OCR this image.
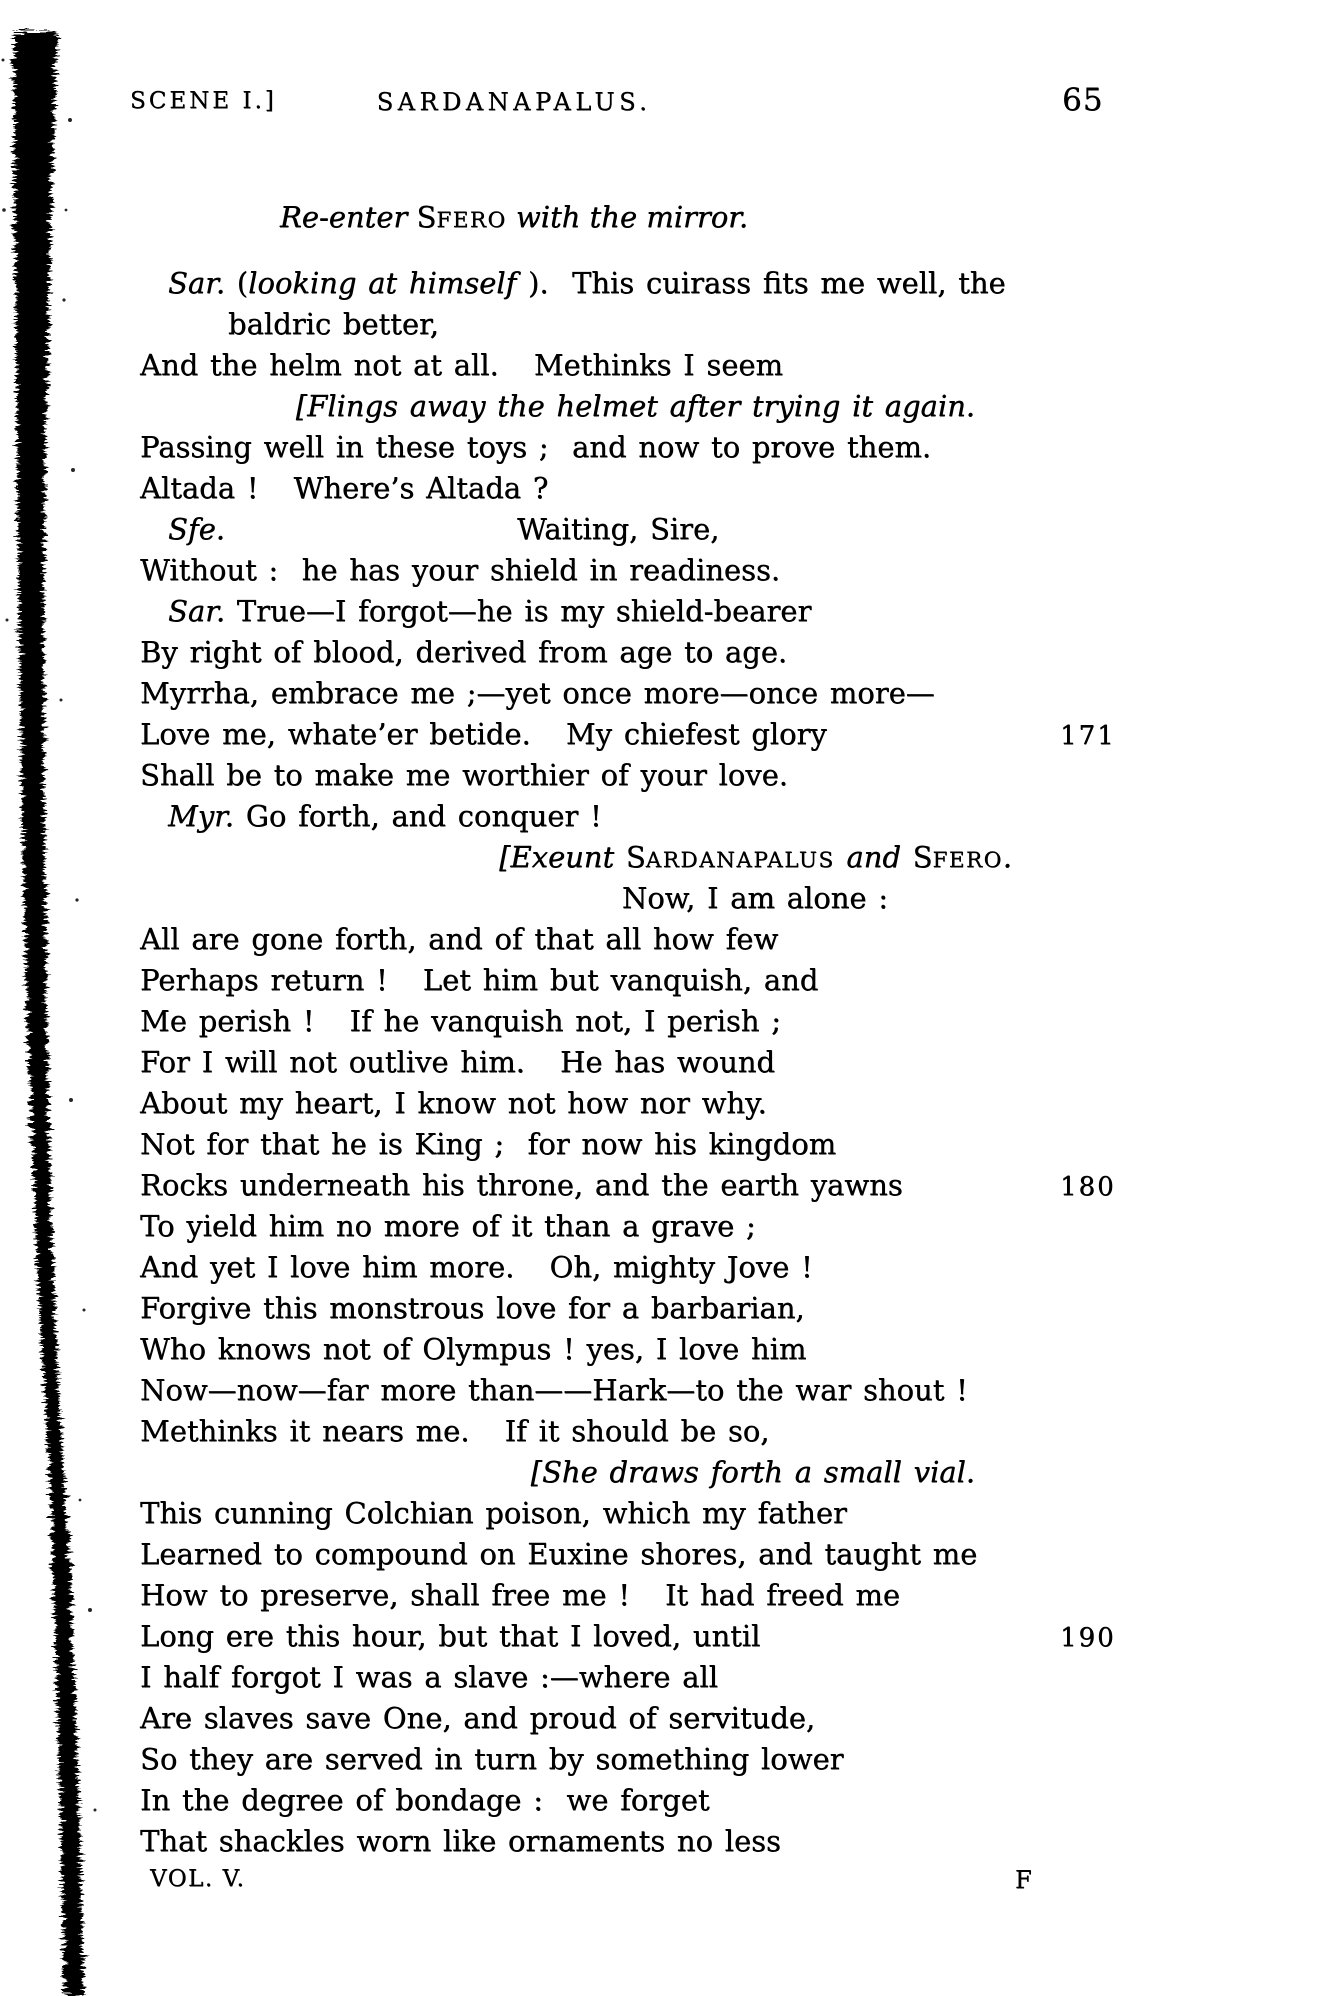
SCENE I.]	SARDANAPALUS.	65
Re-enter SFERO with the mirror.
Sar. (looking at himself ).  This cuirass fits me well, the
baldric better,
And the helm not at all.   Methinks I seem
[Flings away the helmet after trying it again.
Passing well in these toys ;  and now to prove them.
Altada !   Where’s Altada ?
Sfe.	Waiting, Sire,
Without :  he has your shield in readiness.
Sar. True—I forgot—he is my shield-bearer
By right of blood, derived from age to age.
Myrrha, embrace me ;—yet once more—once more—
Love me, whate’er betide.   My chiefest glory	171
Shall be to make me worthier of your love.
Myr. Go forth, and conquer !
[Exeunt SARDANAPALUS and SFERO.
Now, I am alone :
All are gone forth, and of that all how few
Perhaps return !   Let him but vanquish, and
Me perish !   If he vanquish not, I perish ;
For I will not outlive him.   He has wound
About my heart, I know not how nor why.
Not for that he is King ;  for now his kingdom
Rocks underneath his throne, and the earth yawns	180
To yield him no more of it than a grave ;
And yet I love him more.   Oh, mighty Jove !
Forgive this monstrous love for a barbarian,
Who knows not of Olympus ! yes, I love him
Now—now—far more than——Hark—to the war shout !
Methinks it nears me.   If it should be so,
[She draws forth a small vial.
This cunning Colchian poison, which my father
Learned to compound on Euxine shores, and taught me
How to preserve, shall free me !   It had freed me
Long ere this hour, but that I loved, until	190
I half forgot I was a slave :—where all
Are slaves save One, and proud of servitude,
So they are served in turn by something lower
In the degree of bondage :  we forget
That shackles worn like ornaments no less
VOL. V.	F
